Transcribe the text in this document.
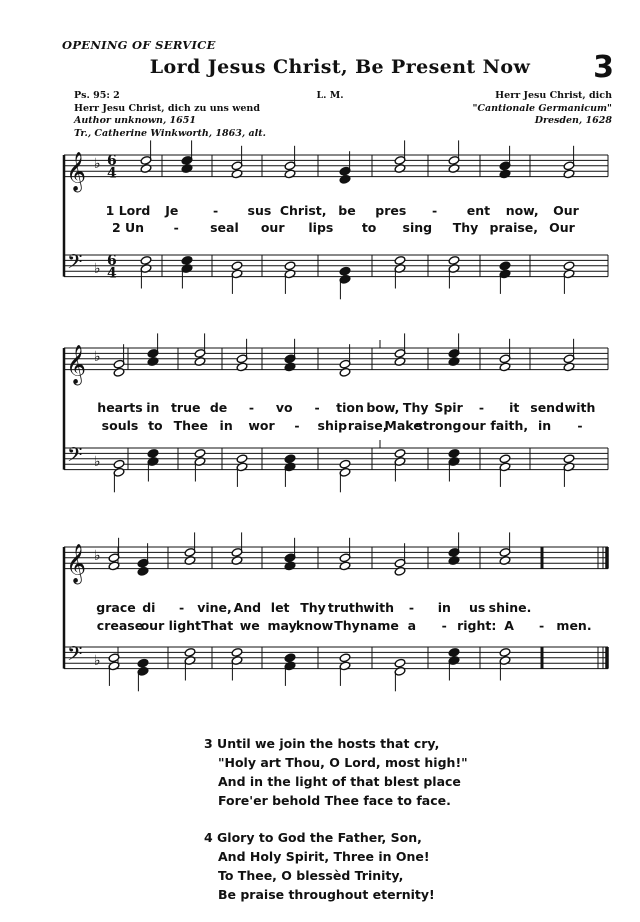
OPENING OF SERVICE
Lord Jesus Christ, Be Present Now	3
Ps. 95: 2
Herr Jesu Christ, dich zu uns wend
Author unknown, 1651
Tr., Catherine Winkworth, 1863, alt.
L. M.	Herr Jesu Christ, dich
"Cantionale Germanicum"
Dresden, 1628
𝄞
𝄢
♭
♭
6
4
6
4
𝄞
𝄢
♭
♭
𝄞
𝄢
♭
♭
1 Lord Je	- sus Christ, be pres - ent now, Our
2 Un -	seal our lips to sing Thy praise, Our
hearts in true de - vo - tion bow, Thy Spir - it send with
souls to Thee in wor - ship raise,
Make
strong our faith, in -
grace di - vine, And let Thy truth with - in us shine.
crease
our light That we may know Thy name a - right: A - men.
3 Until we join the hosts that cry,
"Holy art Thou, O Lord, most high!"
And in the light of that blest place
Fore'er behold Thee face to face.
4 Glory to God the Father, Son,
And Holy Spirit, Three in One!
To Thee, O blessèd Trinity,
Be praise throughout eternity!
